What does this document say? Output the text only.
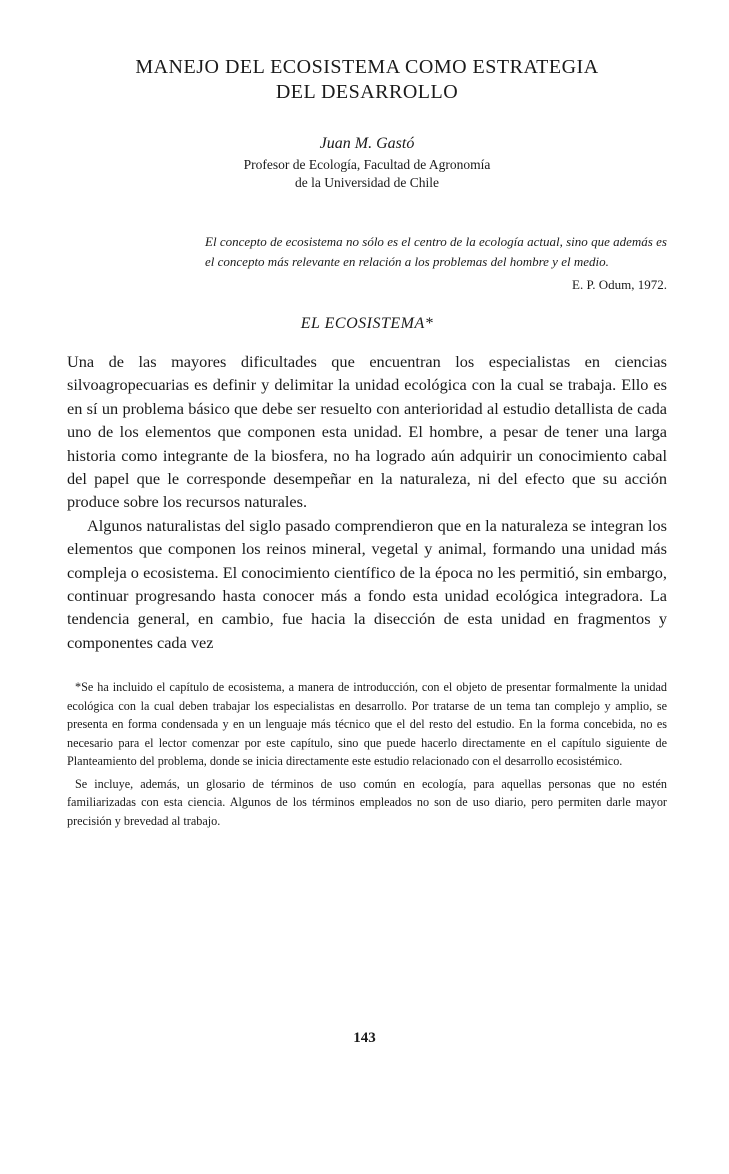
MANEJO DEL ECOSISTEMA COMO ESTRATEGIA
DEL DESARROLLO
Juan M. Gastó
Profesor de Ecología, Facultad de Agronomía
de la Universidad de Chile
El concepto de ecosistema no sólo es el centro de la ecología actual, sino que además es el concepto más relevante en relación a los problemas del hombre y el medio.
E. P. Odum, 1972.
EL ECOSISTEMA*

Una de las mayores dificultades que encuentran los especialistas en ciencias silvoagropecuarias es definir y delimitar la unidad ecológica con la cual se trabaja. Ello es en sí un problema básico que debe ser resuelto con anterioridad al estudio detallista de cada uno de los elementos que componen esta unidad. El hombre, a pesar de tener una larga historia como integrante de la biosfera, no ha logrado aún adquirir un conocimiento cabal del papel que le corresponde desempeñar en la naturaleza, ni del efecto que su acción produce sobre los recursos naturales.

Algunos naturalistas del siglo pasado comprendieron que en la naturaleza se integran los elementos que componen los reinos mineral, vegetal y animal, formando una unidad más compleja o ecosistema. El conocimiento científico de la época no les permitió, sin embargo, continuar progresando hasta conocer más a fondo esta unidad ecológica integradora. La tendencia general, en cambio, fue hacia la disección de esta unidad en fragmentos y componentes cada vez

*Se ha incluido el capítulo de ecosistema, a manera de introducción, con el objeto de presentar formalmente la unidad ecológica con la cual deben trabajar los especialistas en desarrollo. Por tratarse de un tema tan complejo y amplio, se presenta en forma condensada y en un lenguaje más técnico que el del resto del estudio. En la forma concebida, no es necesario para el lector comenzar por este capítulo, sino que puede hacerlo directamente en el capítulo siguiente de Planteamiento del problema, donde se inicia directamente este estudio relacionado con el desarrollo ecosistémico.

Se incluye, además, un glosario de términos de uso común en ecología, para aquellas personas que no estén familiarizadas con esta ciencia. Algunos de los términos empleados no son de uso diario, pero permiten darle mayor precisión y brevedad al trabajo.

143
